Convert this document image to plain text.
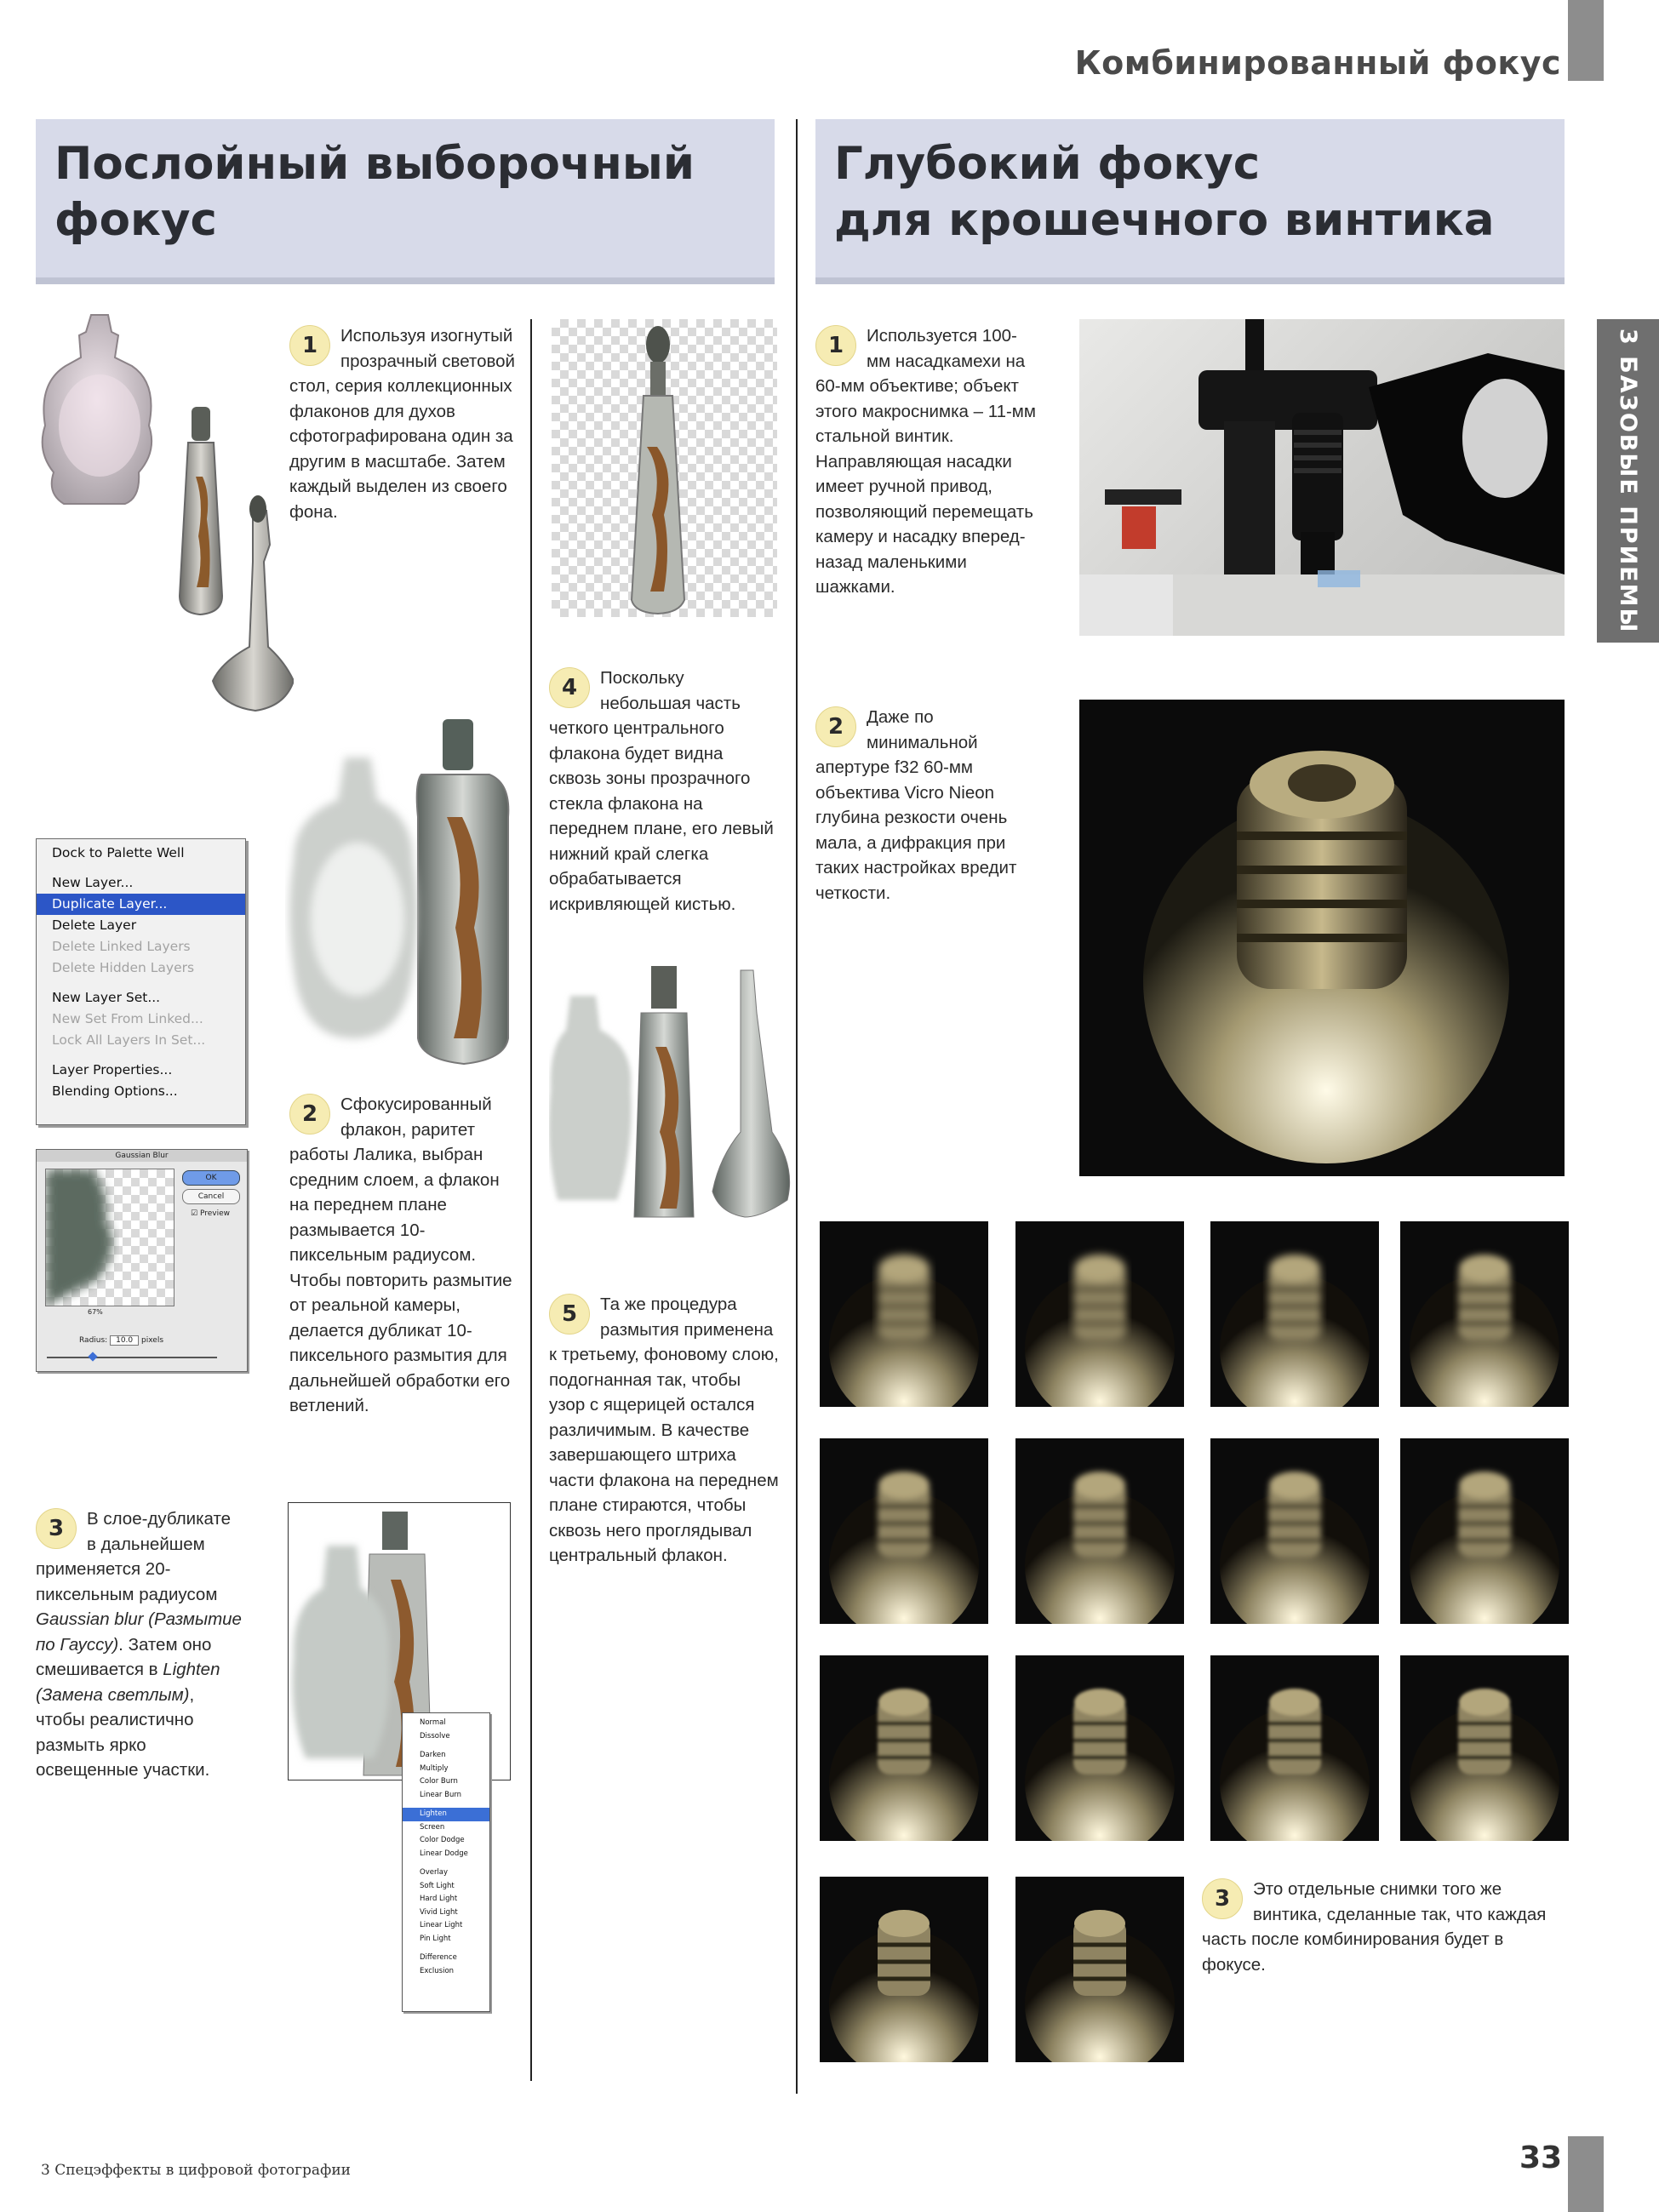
3 БАЗОВЫЕ ПРИЕМЫ
Комбинированный фокус
Послойный выборочный
фокус
Глубокий фокус
для крошечного винтика
Dock to Palette Well
New Layer...
Duplicate Layer...
Delete Layer
Delete Linked Layers
Delete Hidden Layers
New Layer Set...
New Set From Linked...
Lock All Layers In Set...
Layer Properties...
Blending Options...
Gaussian Blur
OK
Cancel
☑ Preview
67%
Radius: 10.0 pixels
Normal
Dissolve
Darken
Multiply
Color Burn
Linear Burn
Lighten
Screen
Color Dodge
Linear Dodge
Overlay
Soft Light
Hard Light
Vivid Light
Linear Light
Pin Light
Difference
Exclusion
1	Используя изогнутый прозрачный световой стол, серия коллекционных флаконов для духов сфотографирована один за другим в масштабе. Затем каждый выделен из своего фона.
2	Сфокусированный флакон, раритет работы Лалика, выбран средним слоем, а флакон на переднем плане размывается 10-пиксельным радиусом. Чтобы повторить размытие от реальной камеры, делается дубликат 10-пиксельного размытия для дальнейшей обработки его ветлений.
3	В слое-дубликате в дальнейшем применяется 20-пиксельным радиусом Gaussian blur (Размытие по Гауссу). Затем оно смешивается в Lighten (Замена светлым), чтобы реалистично размыть ярко освещенные участки.
4	Поскольку небольшая часть четкого центрального флакона будет видна сквозь зоны прозрачного стекла флакона на переднем плане, его левый нижний край слегка обрабатывается искривляющей кистью.
5	Та же процедура размытия применена к третьему, фоновому слою, подогнанная так, чтобы узор с ящерицей остался различимым. В качестве завершающего штриха части флакона на переднем плане стираются, чтобы сквозь него проглядывал центральный флакон.
1	Используется 100-мм насадкамехи на 60-мм объективе; объект этого макроснимка – 11-мм стальной винтик. Направляющая насадки имеет ручной привод, позволяющий перемещать камеру и насадку вперед-назад маленькими шажками.
2	Даже по минимальной апертуре f32 60-мм объектива Vicro Nieon глубина резкости очень мала, а дифракция при таких настройках вредит четкости.
3	Это отдельные снимки того же винтика, сделанные так, что каждая часть после комбинирования будет в фокусе.
3 Спецэффекты в цифровой фотографии	33
